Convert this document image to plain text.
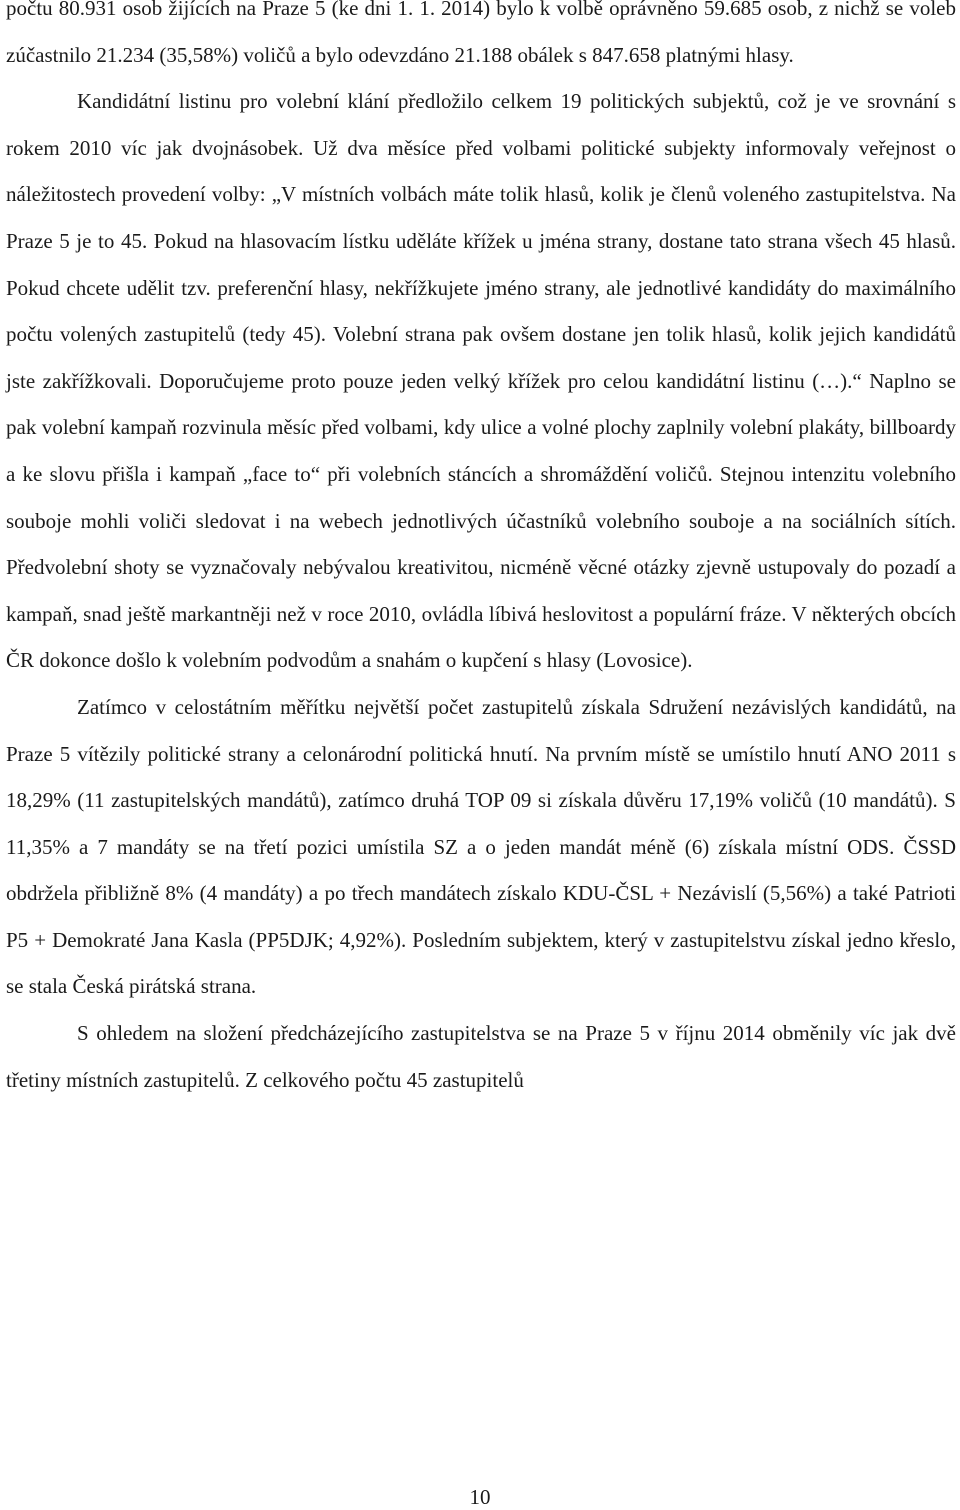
počtu 80.931 osob žijících na Praze 5 (ke dni 1. 1. 2014) bylo k volbě oprávněno 59.685 osob, z nichž se voleb zúčastnilo 21.234 (35,58%) voličů a bylo odevzdáno 21.188 obálek s 847.658 platnými hlasy.

Kandidátní listinu pro volební klání předložilo celkem 19 politických subjektů, což je ve srovnání s rokem 2010 víc jak dvojnásobek. Už dva měsíce před volbami politické subjekty informovaly veřejnost o náležitostech provedení volby: „V místních volbách máte tolik hlasů, kolik je členů voleného zastupitelstva. Na Praze 5 je to 45. Pokud na hlasovacím lístku uděláte křížek u jména strany, dostane tato strana všech 45 hlasů. Pokud chcete udělit tzv. preferenční hlasy, nekřížkujete jméno strany, ale jednotlivé kandidáty do maximálního počtu volených zastupitelů (tedy 45). Volební strana pak ovšem dostane jen tolik hlasů, kolik jejich kandidátů jste zakřížkovali. Doporučujeme proto pouze jeden velký křížek pro celou kandidátní listinu (…).“ Naplno se pak volební kampaň rozvinula měsíc před volbami, kdy ulice a volné plochy zaplnily volební plakáty, billboardy a ke slovu přišla i kampaň „face to“ při volebních stáncích a shromáždění voličů. Stejnou intenzitu volebního souboje mohli voliči sledovat i na webech jednotlivých účastníků volebního souboje a na sociálních sítích. Předvolební shoty se vyznačovaly nebývalou kreativitou, nicméně věcné otázky zjevně ustupovaly do pozadí a kampaň, snad ještě markantněji než v roce 2010, ovládla líbivá heslovitost a populární fráze. V některých obcích ČR dokonce došlo k volebním podvodům a snahám o kupčení s hlasy (Lovosice).

Zatímco v celostátním měřítku největší počet zastupitelů získala Sdružení nezávislých kandidátů, na Praze 5 vítězily politické strany a celonárodní politická hnutí. Na prvním místě se umístilo hnutí ANO 2011 s 18,29% (11 zastupitelských mandátů), zatímco druhá TOP 09 si získala důvěru 17,19% voličů (10 mandátů). S 11,35% a 7 mandáty se na třetí pozici umístila SZ a o jeden mandát méně (6) získala místní ODS. ČSSD obdržela přibližně 8% (4 mandáty) a po třech mandátech získalo KDU-ČSL + Nezávislí (5,56%) a také Patrioti P5 + Demokraté Jana Kasla (PP5DJK; 4,92%). Posledním subjektem, který v zastupitelstvu získal jedno křeslo, se stala Česká pirátská strana.

S ohledem na složení předcházejícího zastupitelstva se na Praze 5 v říjnu 2014 obměnily víc jak dvě třetiny místních zastupitelů. Z celkového počtu 45 zastupitelů

10
